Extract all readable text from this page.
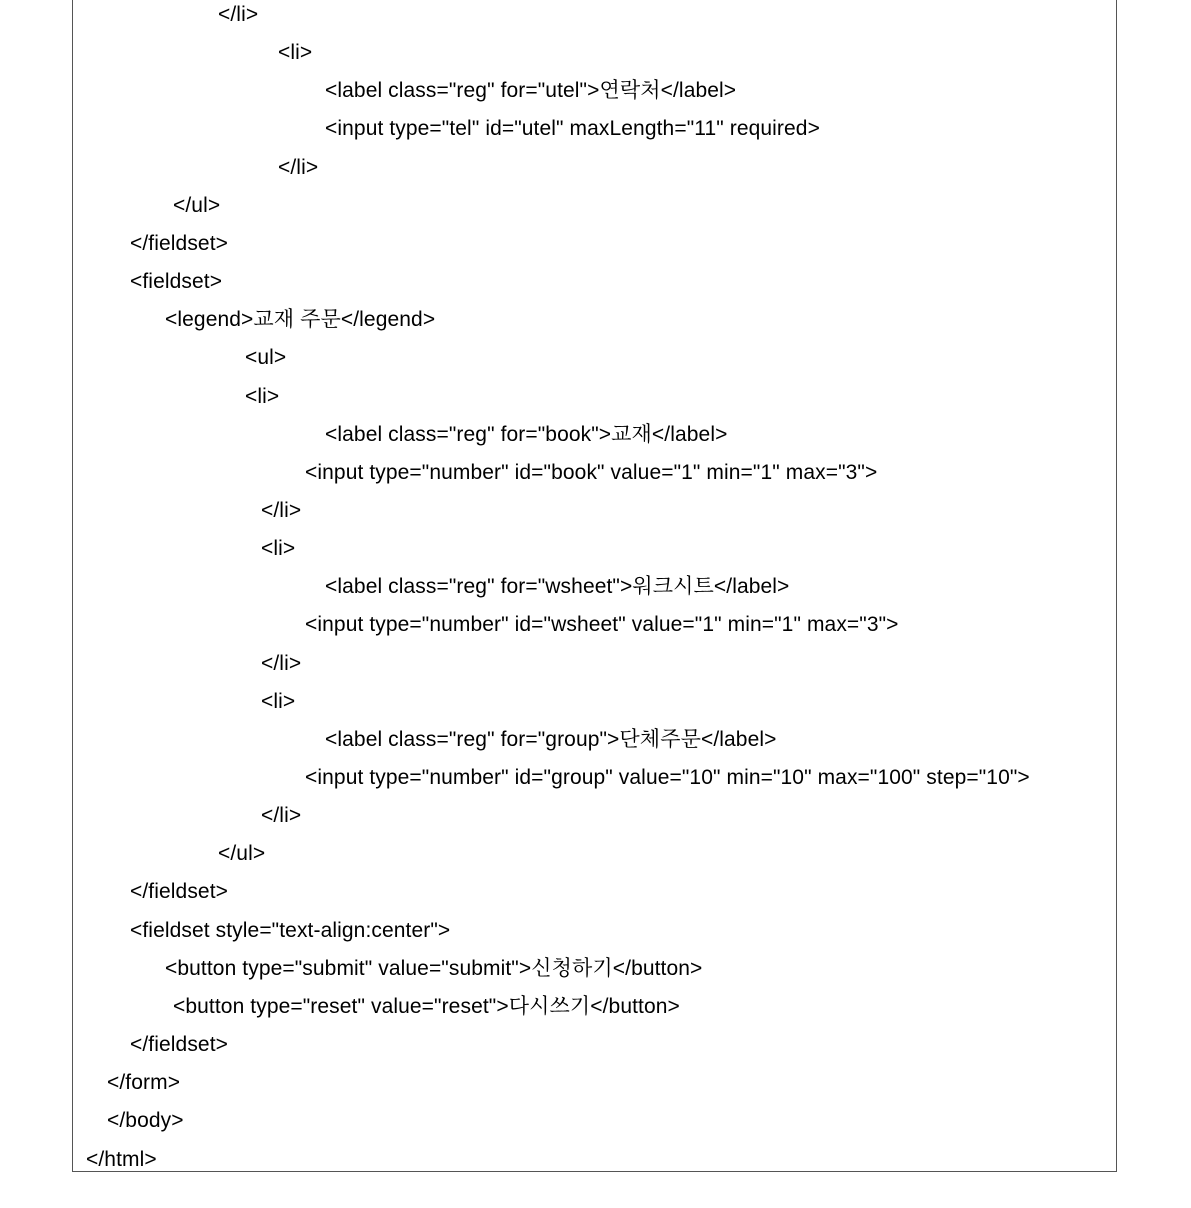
</li>
<li>
<label class="reg" for="utel">연락처</label>
<input type="tel" id="utel" maxLength="11" required>
</li>
</ul>
</fieldset>
<fieldset>
<legend>교재 주문</legend>
<ul>
<li>
<label class="reg" for="book">교재</label>
<input type="number" id="book" value="1" min="1" max="3">
</li>
<li>
<label class="reg" for="wsheet">워크시트</label>
<input type="number" id="wsheet" value="1" min="1" max="3">
</li>
<li>
<label class="reg" for="group">단체주문</label>
<input type="number" id="group" value="10" min="10" max="100" step="10">
</li>
</ul>
</fieldset>
<fieldset style="text-align:center">
<button type="submit" value="submit">신청하기</button>
<button type="reset" value="reset">다시쓰기</button>
</fieldset>
</form>
</body>
</html>
